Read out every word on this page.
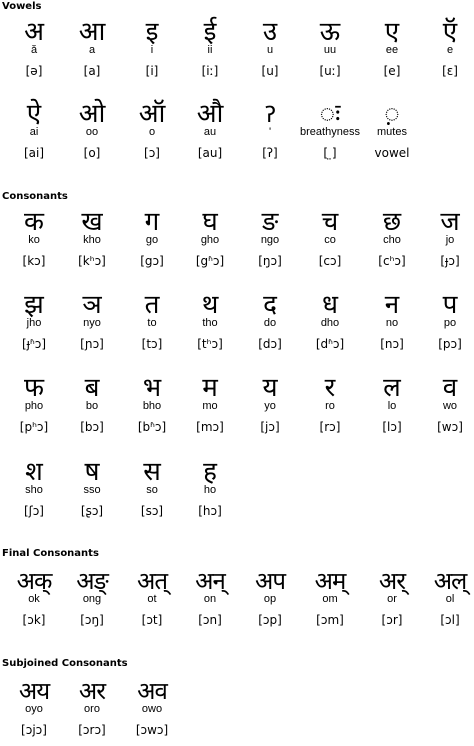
Vowels
अ
ă
[ə]
आ
a
[a]
इ
i
[i]
ई
ii
[iː]
उ
u
[u]
ऊ
uu
[uː]
ए
ee
[e]
ऍ
e
[ɛ]
ऐ
ai
[ai]
ओ
oo
[o]
ऑ
o
[ɔ]
औ
au
[au]
ॽ
'
[ʔ]
◌ः
breathyness
[ ̤]
◌़
mutes
vowel
Consonants
क
ko
[kɔ]
ख
kho
[kʰɔ]
ग
go
[gɔ]
घ
gho
[gʱɔ]
ङ
ngo
[ŋɔ]
च
co
[cɔ]
छ
cho
[cʰɔ]
ज
jo
[ɟɔ]
झ
jho
[ɟʱɔ]
ञ
nyo
[ɲɔ]
त
to
[tɔ]
थ
tho
[tʰɔ]
द
do
[dɔ]
ध
dho
[dʱɔ]
न
no
[nɔ]
प
po
[pɔ]
फ
pho
[pʰɔ]
ब
bo
[bɔ]
भ
bho
[bʱɔ]
म
mo
[mɔ]
य
yo
[jɔ]
र
ro
[rɔ]
ल
lo
[lɔ]
व
wo
[wɔ]
श
sho
[ʃɔ]
ष
sso
[ʂɔ]
स
so
[sɔ]
ह
ho
[hɔ]
Final Consonants
अक्
ok
[ɔk]
अङ्
ong
[ɔŋ]
अत्
ot
[ɔt]
अन्
on
[ɔn]
अप
op
[ɔp]
अम्
om
[ɔm]
अर्
or
[ɔr]
अल्
ol
[ɔl]
Subjoined Consonants
अय
oyo
[ɔjɔ]
अर
oro
[ɔrɔ]
अव
owo
[ɔwɔ]
